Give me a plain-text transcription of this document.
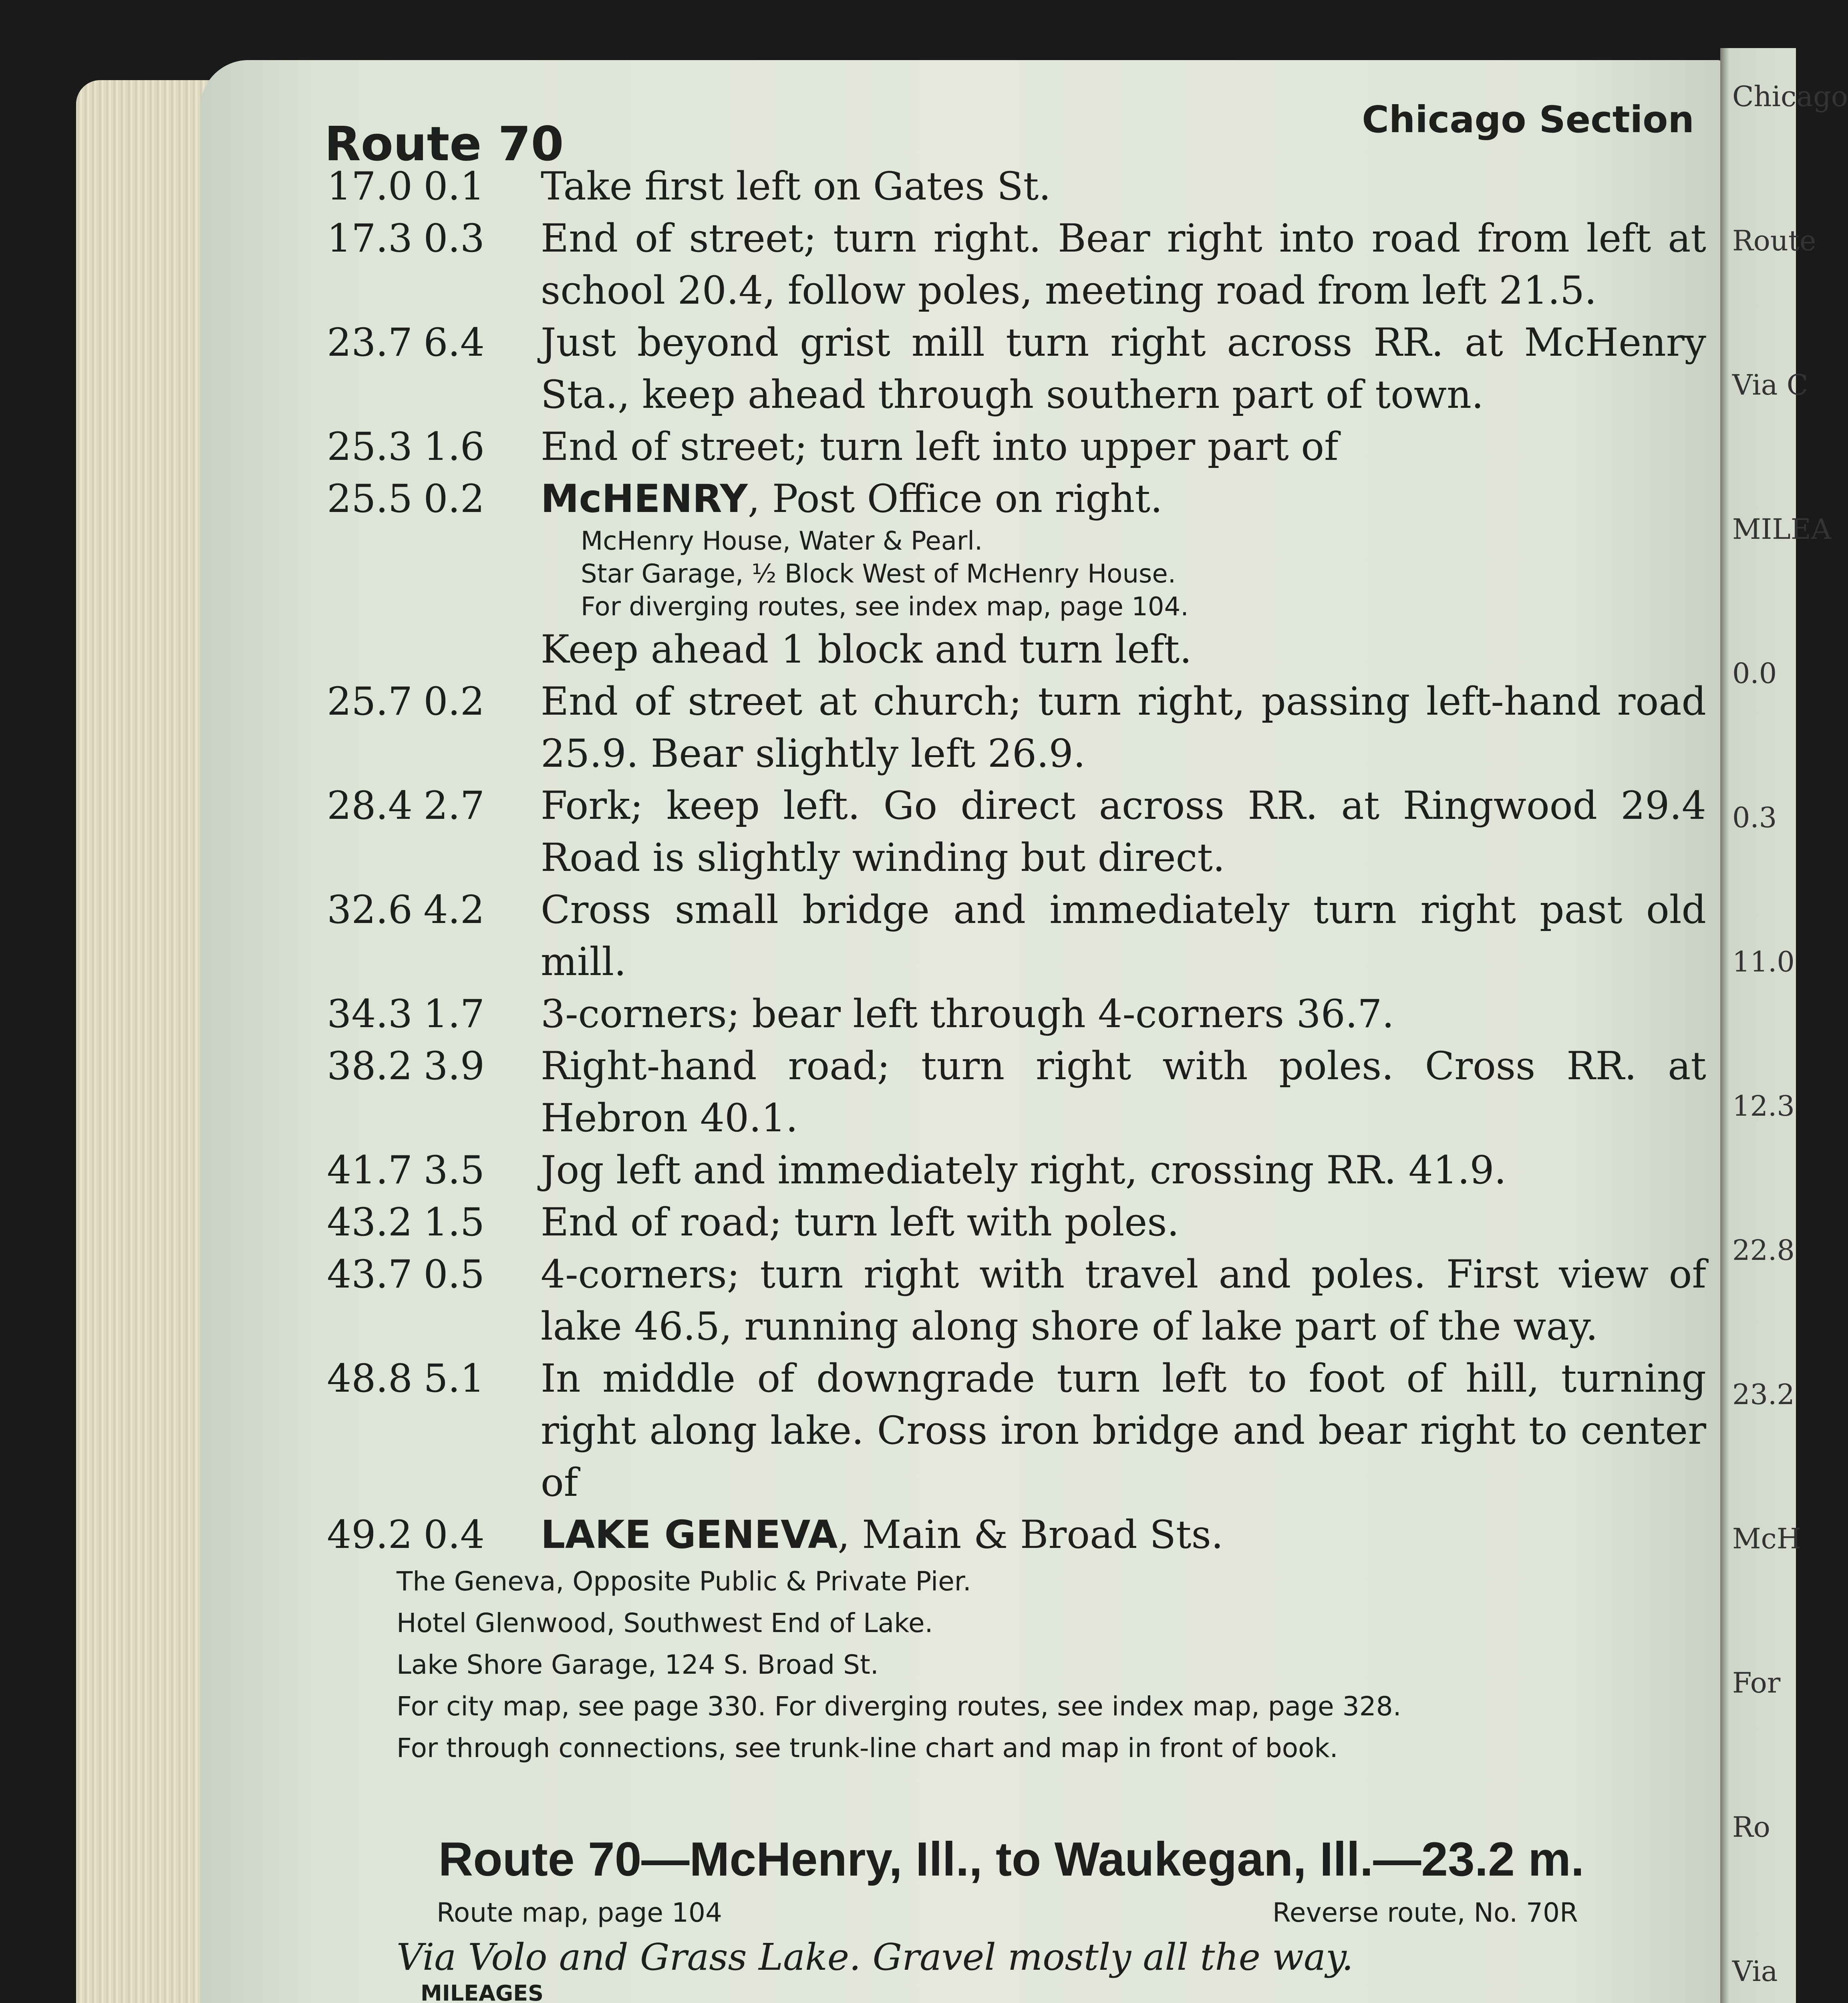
Chicago
Route
Via C
MILEA
0.0
0.3
11.0
12.3
22.8
23.2
McH
For
Ro
Via
Route 70	Chicago Section
17.0 0.1 Take first left on Gates St.
17.3 0.3 End of street; turn right. Bear right into road from left at school 20.4, follow poles, meeting road from left 21.5.
23.7 6.4 Just beyond grist mill turn right across RR. at McHenry Sta., keep ahead through southern part of town.
25.3 1.6 End of street; turn left into upper part of
25.5 0.2 McHENRY, Post Office on right.
McHenry House, Water & Pearl.
Star Garage, ½ Block West of McHenry House.
For diverging routes, see index map, page 104.
Keep ahead 1 block and turn left.
25.7 0.2 End of street at church; turn right, passing left-hand road 25.9. Bear slightly left 26.9.
28.4 2.7 Fork; keep left. Go direct across RR. at Ringwood 29.4 Road is slightly winding but direct.
32.6 4.2 Cross small bridge and immediately turn right past old mill.
34.3 1.7 3-corners; bear left through 4-corners 36.7.
38.2 3.9 Right-hand road; turn right with poles. Cross RR. at Hebron 40.1.
41.7 3.5 Jog left and immediately right, crossing RR. 41.9.
43.2 1.5 End of road; turn left with poles.
43.7 0.5 4-corners; turn right with travel and poles. First view of lake 46.5, running along shore of lake part of the way.
48.8 5.1 In middle of downgrade turn left to foot of hill, turning right along lake. Cross iron bridge and bear right to center of
49.2 0.4 LAKE GENEVA, Main & Broad Sts.
The Geneva, Opposite Public & Private Pier.
Hotel Glenwood, Southwest End of Lake.
Lake Shore Garage, 124 S. Broad St.
For city map, see page 330. For diverging routes, see index map, page 328.
For through connections, see trunk-line chart and map in front of book.
Route 70—McHenry, Ill., to Waukegan, Ill.—23.2 m.
Route map, page 104	Reverse route, No. 70R
Via Volo and Grass Lake. Gravel mostly all the way.
MILEAGES
